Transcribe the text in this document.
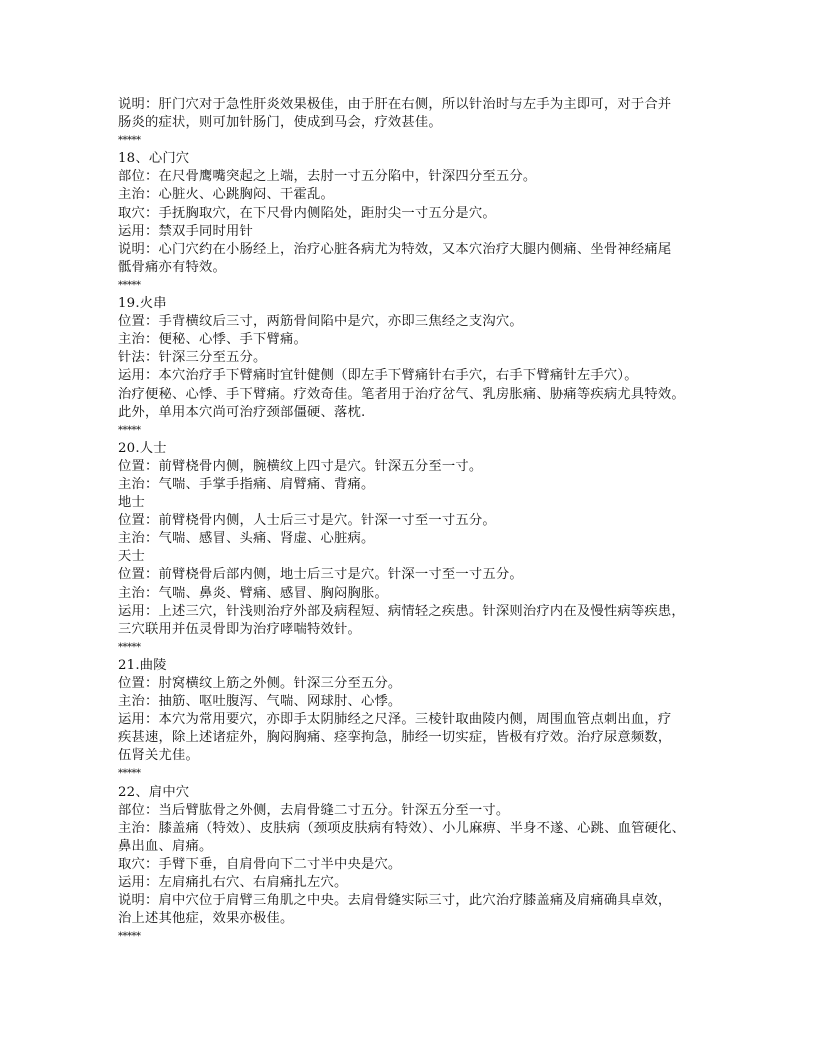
说明：肝门穴对于急性肝炎效果极佳，由于肝在右侧，所以针治时与左手为主即可，对于合并
肠炎的症状，则可加针肠门，使成到马会，疗效甚佳。
*****
18、心门穴
部位：在尺骨鹰嘴突起之上端，去肘一寸五分陷中，针深四分至五分。
主治：心脏火、心跳胸闷、干霍乱。
取穴：手抚胸取穴，在下尺骨内侧陷处，距肘尖一寸五分是穴。
运用：禁双手同时用针
说明：心门穴约在小肠经上，治疗心脏各病尤为特效，又本穴治疗大腿内侧痛、坐骨神经痛尾
骶骨痛亦有特效。
*****
19.火串
位置：手背横纹后三寸，两筋骨间陷中是穴，亦即三焦经之支沟穴。
主治：便秘、心悸、手下臂痛。
针法：针深三分至五分。
运用：本穴治疗手下臂痛时宜针健侧（即左手下臂痛针右手穴，右手下臂痛针左手穴）。
治疗便秘、心悸、手下臂痛。疗效奇佳。笔者用于治疗岔气、乳房胀痛、胁痛等疾病尤具特效。
此外，单用本穴尚可治疗颈部僵硬、落枕.
*****
20.人士
位置：前臂桡骨内侧，腕横纹上四寸是穴。针深五分至一寸。
主治：气喘、手掌手指痛、肩臂痛、背痛。
地士
位置：前臂桡骨内侧，人士后三寸是穴。针深一寸至一寸五分。
主治：气喘、感冒、头痛、肾虚、心脏病。
天士
位置：前臂桡骨后部内侧，地士后三寸是穴。针深一寸至一寸五分。
主治：气喘、鼻炎、臂痛、感冒、胸闷胸胀。
运用：上述三穴，针浅则治疗外部及病程短、病情轻之疾患。针深则治疗内在及慢性病等疾患，
三穴联用并伍灵骨即为治疗哮喘特效针。
*****
21.曲陵
位置：肘窝横纹上筋之外侧。针深三分至五分。
主治：抽筋、呕吐腹泻、气喘、网球肘、心悸。
运用：本穴为常用要穴，亦即手太阴肺经之尺泽。三棱针取曲陵内侧，周围血管点刺出血，疗
疾甚速，除上述诸症外，胸闷胸痛、痉挛拘急，肺经一切实症，皆极有疗效。治疗尿意频数，
伍肾关尤佳。
*****
22、肩中穴
部位：当后臂肱骨之外侧，去肩骨缝二寸五分。针深五分至一寸。
主治：膝盖痛（特效）、皮肤病（颈项皮肤病有特效）、小儿麻痹、半身不遂、心跳、血管硬化、
鼻出血、肩痛。
取穴：手臂下垂，自肩骨向下二寸半中央是穴。
运用：左肩痛扎右穴、右肩痛扎左穴。
说明：肩中穴位于肩臂三角肌之中央。去肩骨缝实际三寸，此穴治疗膝盖痛及肩痛确具卓效，
治上述其他症，效果亦极佳。
*****
